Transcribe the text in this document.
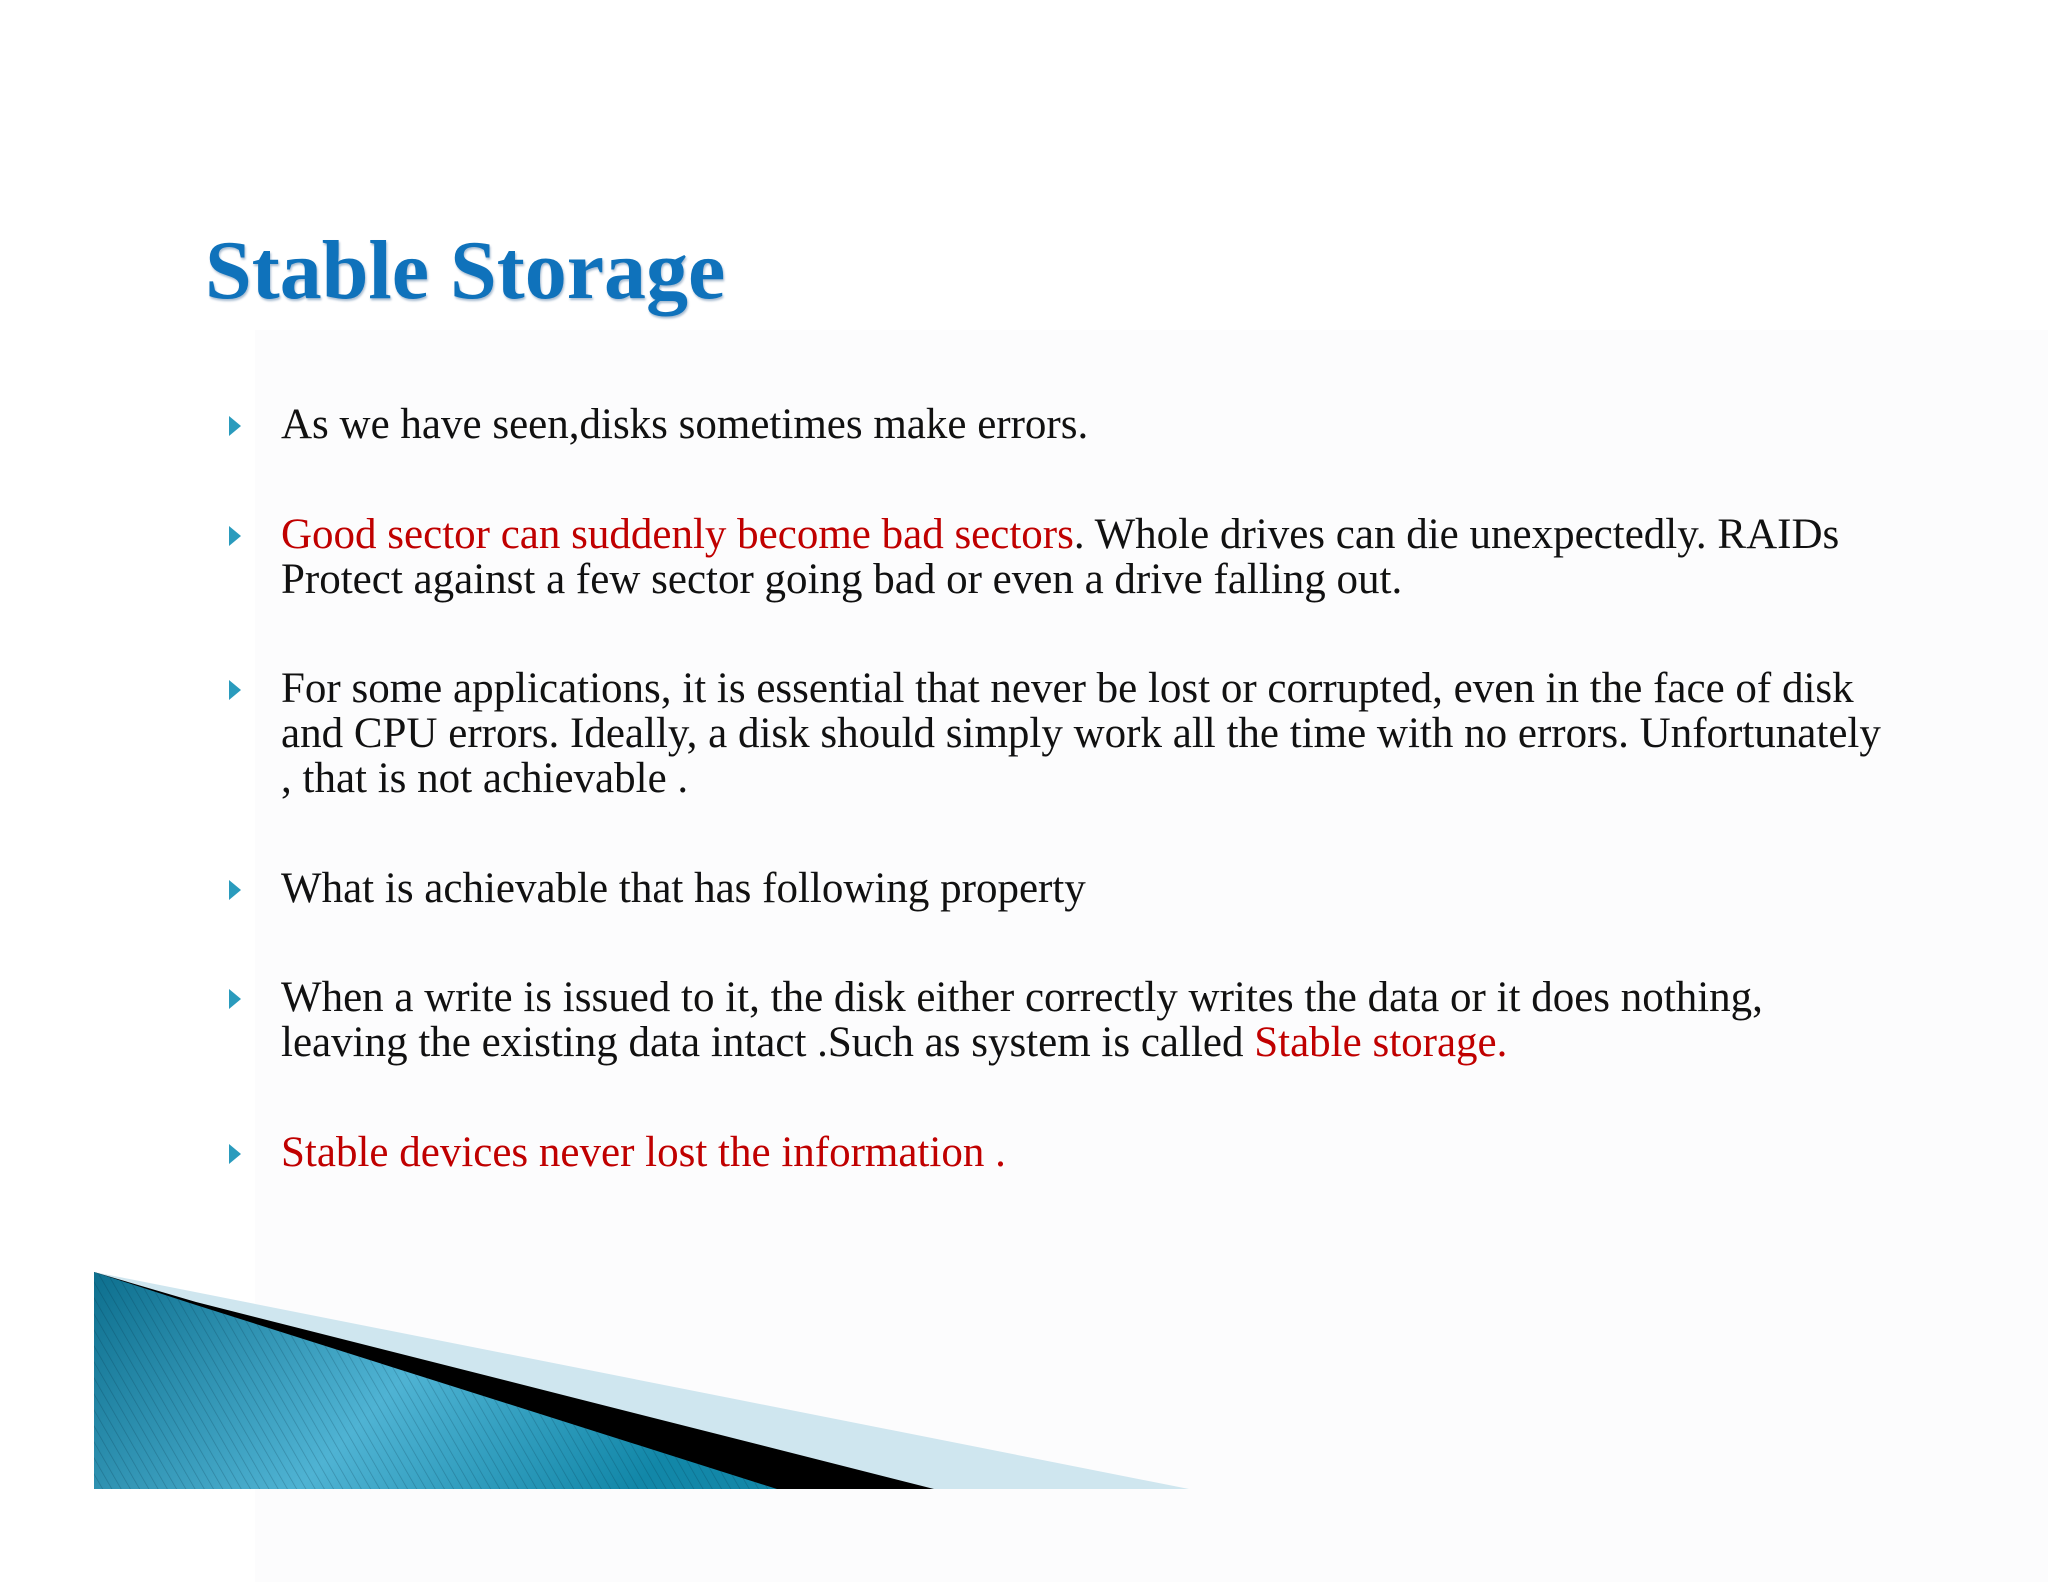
Stable Storage
As we have seen,disks sometimes make errors.
Good sector can suddenly become bad sectors. Whole drives can die unexpectedly. RAIDs Protect against a few sector going bad or even a drive falling out.
For some applications, it is essential that never be lost or corrupted, even in the face of disk and CPU errors. Ideally, a disk should simply work all the time with no errors. Unfortunately , that is not achievable .
What is achievable that has following property
When a write is issued to it, the disk either correctly writes the data or it does nothing, leaving the existing data intact .Such as system is called Stable storage.
Stable devices never lost the information .
